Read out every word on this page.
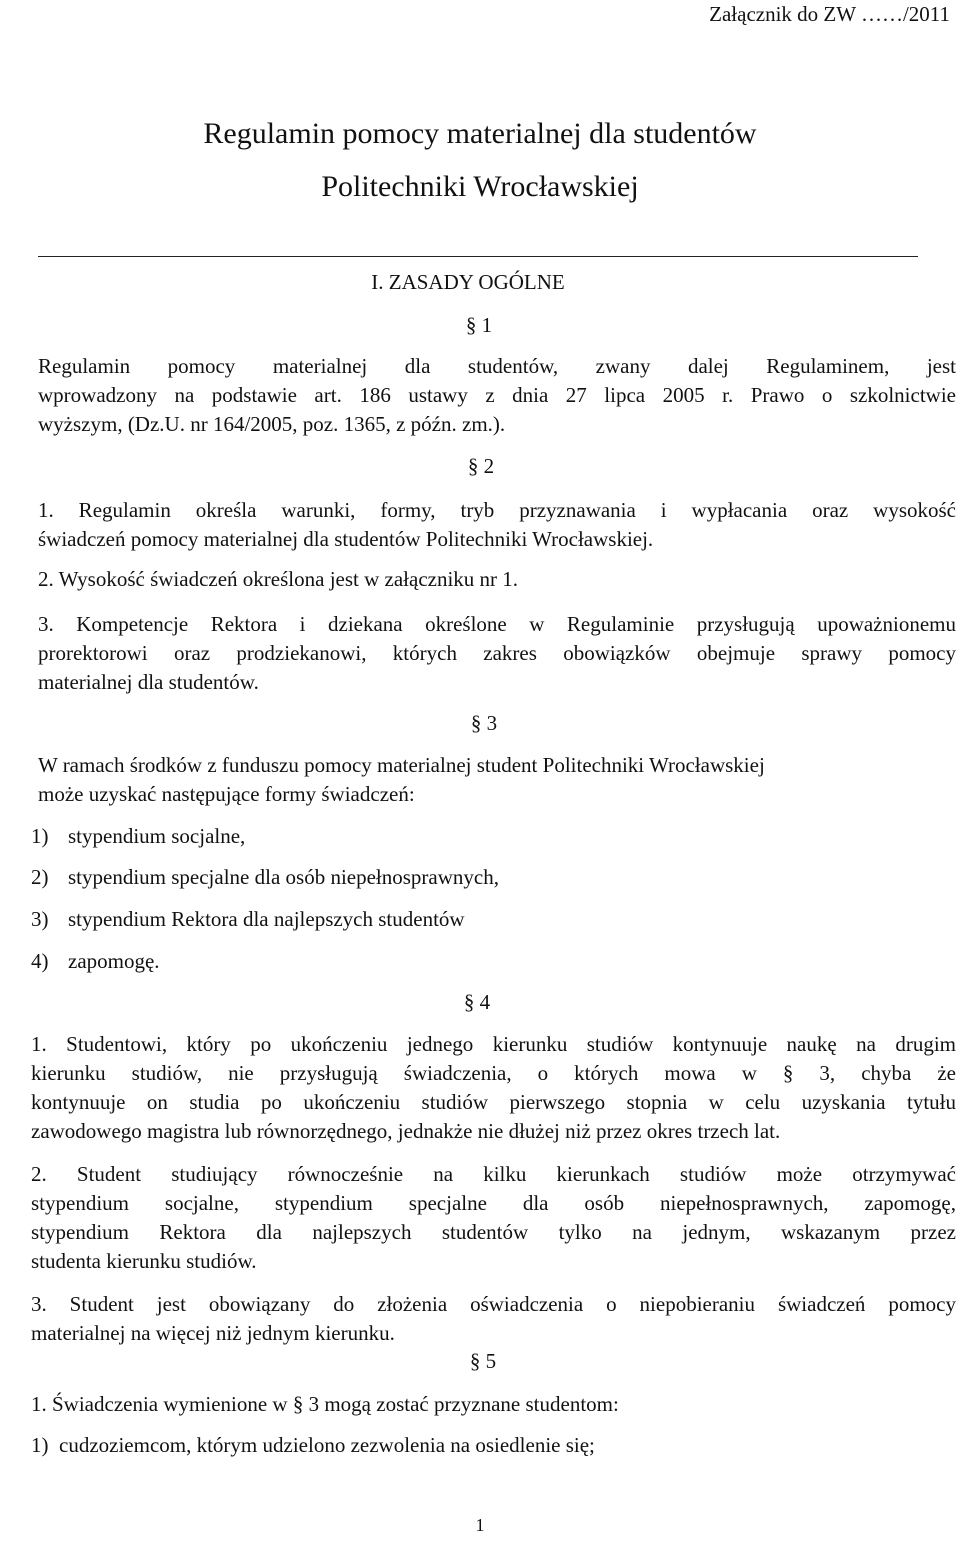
Załącznik do ZW ……/2011
Regulamin pomocy materialnej dla studentów
Politechniki Wrocławskiej
I. ZASADY OGÓLNE
§ 1
Regulamin pomocy materialnej dla studentów, zwany dalej Regulaminem, jest
wprowadzony na podstawie art. 186 ustawy z dnia 27 lipca 2005 r. Prawo o szkolnictwie
wyższym, (Dz.U. nr 164/2005, poz. 1365, z późn. zm.).
§ 2
1. Regulamin określa warunki, formy, tryb przyznawania i wypłacania oraz wysokość
świadczeń pomocy materialnej dla studentów Politechniki Wrocławskiej.
2. Wysokość świadczeń określona jest w załączniku nr 1.
3. Kompetencje Rektora i dziekana określone w Regulaminie przysługują upoważnionemu
prorektorowi oraz prodziekanowi, których zakres obowiązków obejmuje sprawy pomocy
materialnej dla studentów.
§ 3
W ramach środków z funduszu pomocy materialnej student Politechniki Wrocławskiej
może uzyskać następujące formy świadczeń:
1) stypendium socjalne,
2) stypendium specjalne dla osób niepełnosprawnych,
3) stypendium Rektora dla najlepszych studentów
4) zapomogę.
§ 4
1. Studentowi, który po ukończeniu jednego kierunku studiów kontynuuje naukę na drugim
kierunku studiów, nie przysługują świadczenia, o których mowa w § 3, chyba że
kontynuuje on studia po ukończeniu studiów pierwszego stopnia w celu uzyskania tytułu
zawodowego magistra lub równorzędnego, jednakże nie dłużej niż przez okres trzech lat.
2. Student studiujący równocześnie na kilku kierunkach studiów może otrzymywać
stypendium socjalne, stypendium specjalne dla osób niepełnosprawnych, zapomogę,
stypendium Rektora dla najlepszych studentów tylko na jednym, wskazanym przez
studenta kierunku studiów.
3. Student jest obowiązany do złożenia oświadczenia o niepobieraniu świadczeń pomocy
materialnej na więcej niż jednym kierunku.
§ 5
1. Świadczenia wymienione w § 3 mogą zostać przyznane studentom:
1)  cudzoziemcom, którym udzielono zezwolenia na osiedlenie się;
1
